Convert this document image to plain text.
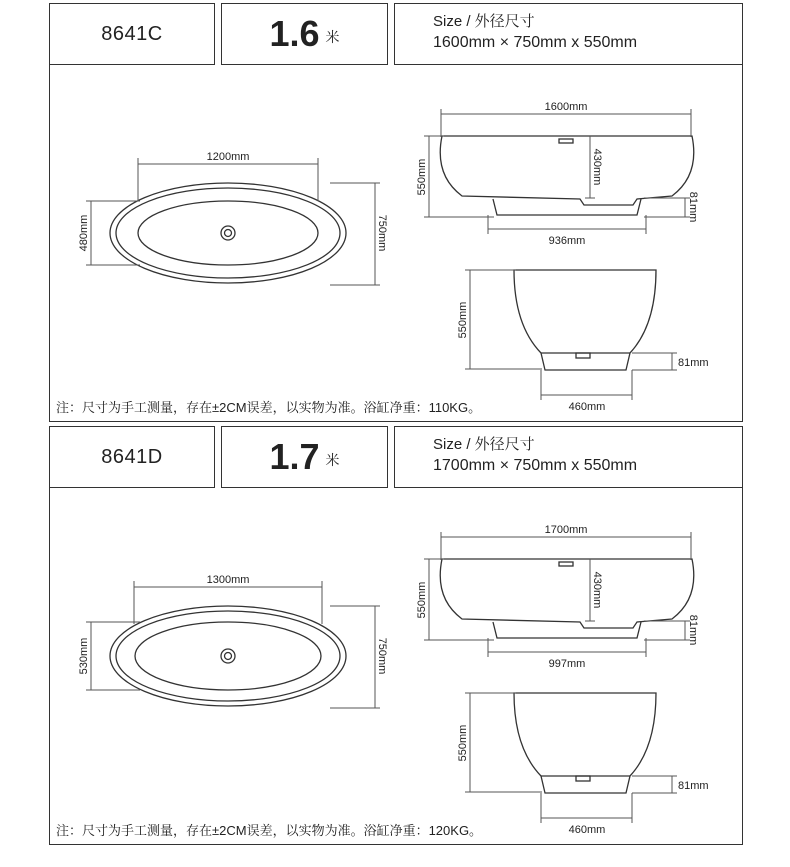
8641C	1.6 米
Size / 外径尺寸
1600mm × 750mm x 550mm
1200mm
480mm	750mm
1600mm
550mm	430mm
81mm
936mm
550mm
81mm
460mm
注：尺寸为手工测量，存在±2CM误差，以实物为准。浴缸净重：110KG。
8641D	1.7 米
Size / 外径尺寸
1700mm × 750mm x 550mm
1300mm
530mm	750mm
1700mm
550mm	430mm
81mm
997mm
550mm
81mm
460mm
注：尺寸为手工测量，存在±2CM误差，以实物为准。浴缸净重：120KG。
